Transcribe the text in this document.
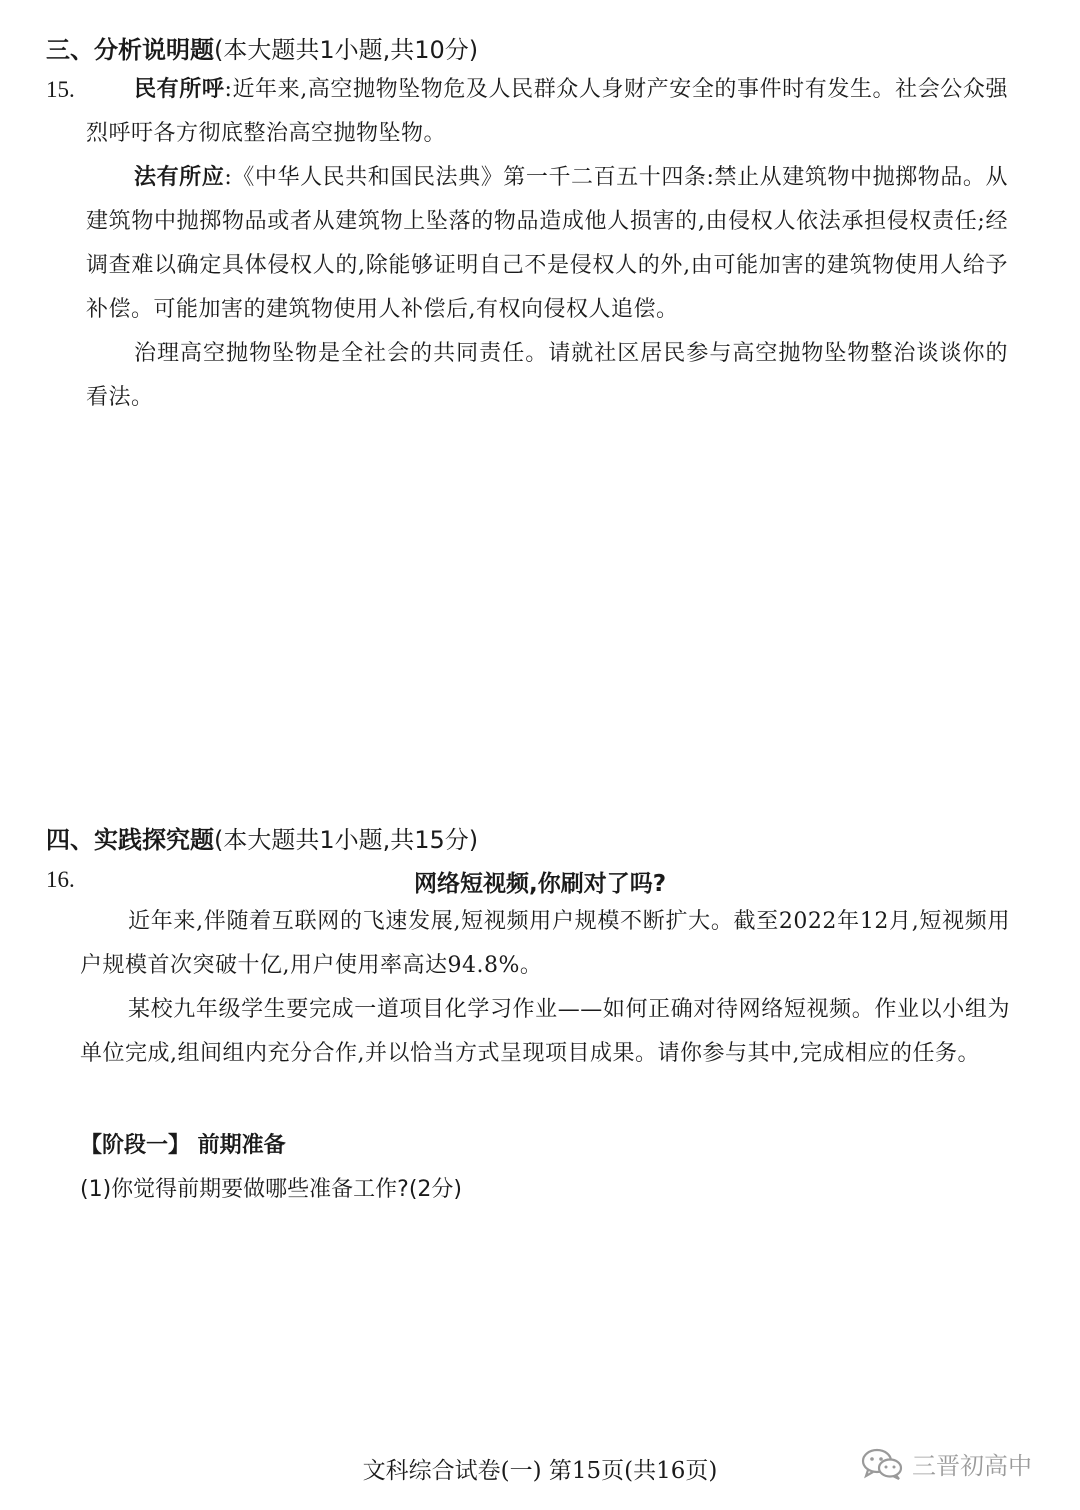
三、分析说明题(本大题共1小题,共10分)
15.	民有所呼:近年来,高空抛物坠物危及人民群众人身财产安全的事件时有发生。社会公众强烈呼吁各方彻底整治高空抛物坠物。
法有所应:《中华人民共和国民法典》第一千二百五十四条:禁止从建筑物中抛掷物品。从建筑物中抛掷物品或者从建筑物上坠落的物品造成他人损害的,由侵权人依法承担侵权责任;经调查难以确定具体侵权人的,除能够证明自己不是侵权人的外,由可能加害的建筑物使用人给予补偿。可能加害的建筑物使用人补偿后,有权向侵权人追偿。
治理高空抛物坠物是全社会的共同责任。请就社区居民参与高空抛物坠物整治谈谈你的看法。
四、实践探究题(本大题共1小题,共15分)
16.	网络短视频,你刷对了吗?
近年来,伴随着互联网的飞速发展,短视频用户规模不断扩大。截至2022年12月,短视频用户规模首次突破十亿,用户使用率高达94.8%。
某校九年级学生要完成一道项目化学习作业——如何正确对待网络短视频。作业以小组为单位完成,组间组内充分合作,并以恰当方式呈现项目成果。请你参与其中,完成相应的任务。
【阶段一】 前期准备
(1)你觉得前期要做哪些准备工作?(2分)
文科综合试卷(一) 第15页(共16页)	三晋初高中
